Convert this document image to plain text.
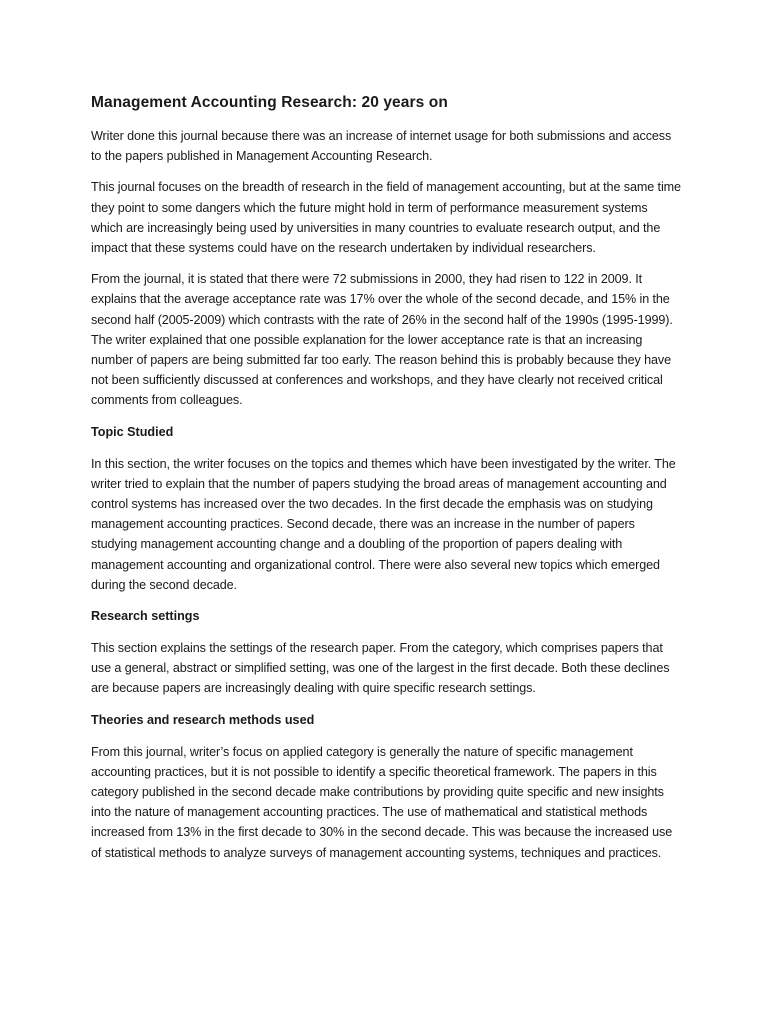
Management Accounting Research: 20 years on

Writer done this journal because there was an increase of internet usage for both submissions and access to the papers published in Management Accounting Research.

This journal focuses on the breadth of research in the field of management accounting, but at the same time they point to some dangers which the future might hold in term of performance measurement systems which are increasingly being used by universities in many countries to evaluate research output, and the impact that these systems could have on the research undertaken by individual researchers.

From the journal, it is stated that there were 72 submissions in 2000, they had risen to 122 in 2009. It explains that the average acceptance rate was 17% over the whole of the second decade, and 15% in the second half (2005-2009) which contrasts with the rate of 26% in the second half of the 1990s (1995-1999). The writer explained that one possible explanation for the lower acceptance rate is that an increasing number of papers are being submitted far too early. The reason behind this is probably because they have not been sufficiently discussed at conferences and workshops, and they have clearly not received critical comments from colleagues.

Topic Studied

In this section, the writer focuses on the topics and themes which have been investigated by the writer. The writer tried to explain that the number of papers studying the broad areas of management accounting and control systems has increased over the two decades. In the first decade the emphasis was on studying management accounting practices. Second decade, there was an increase in the number of papers studying management accounting change and a doubling of the proportion of papers dealing with management accounting and organizational control. There were also several new topics which emerged during the second decade.

Research settings

This section explains the settings of the research paper. From the category, which comprises papers that use a general, abstract or simplified setting, was one of the largest in the first decade. Both these declines are because papers are increasingly dealing with quire specific research settings.

Theories and research methods used

From this journal, writer’s focus on applied category is generally the nature of specific management accounting practices, but it is not possible to identify a specific theoretical framework. The papers in this category published in the second decade make contributions by providing quite specific and new insights into the nature of management accounting practices. The use of mathematical and statistical methods increased from 13% in the first decade to 30% in the second decade. This was because the increased use of statistical methods to analyze surveys of management accounting systems, techniques and practices.
